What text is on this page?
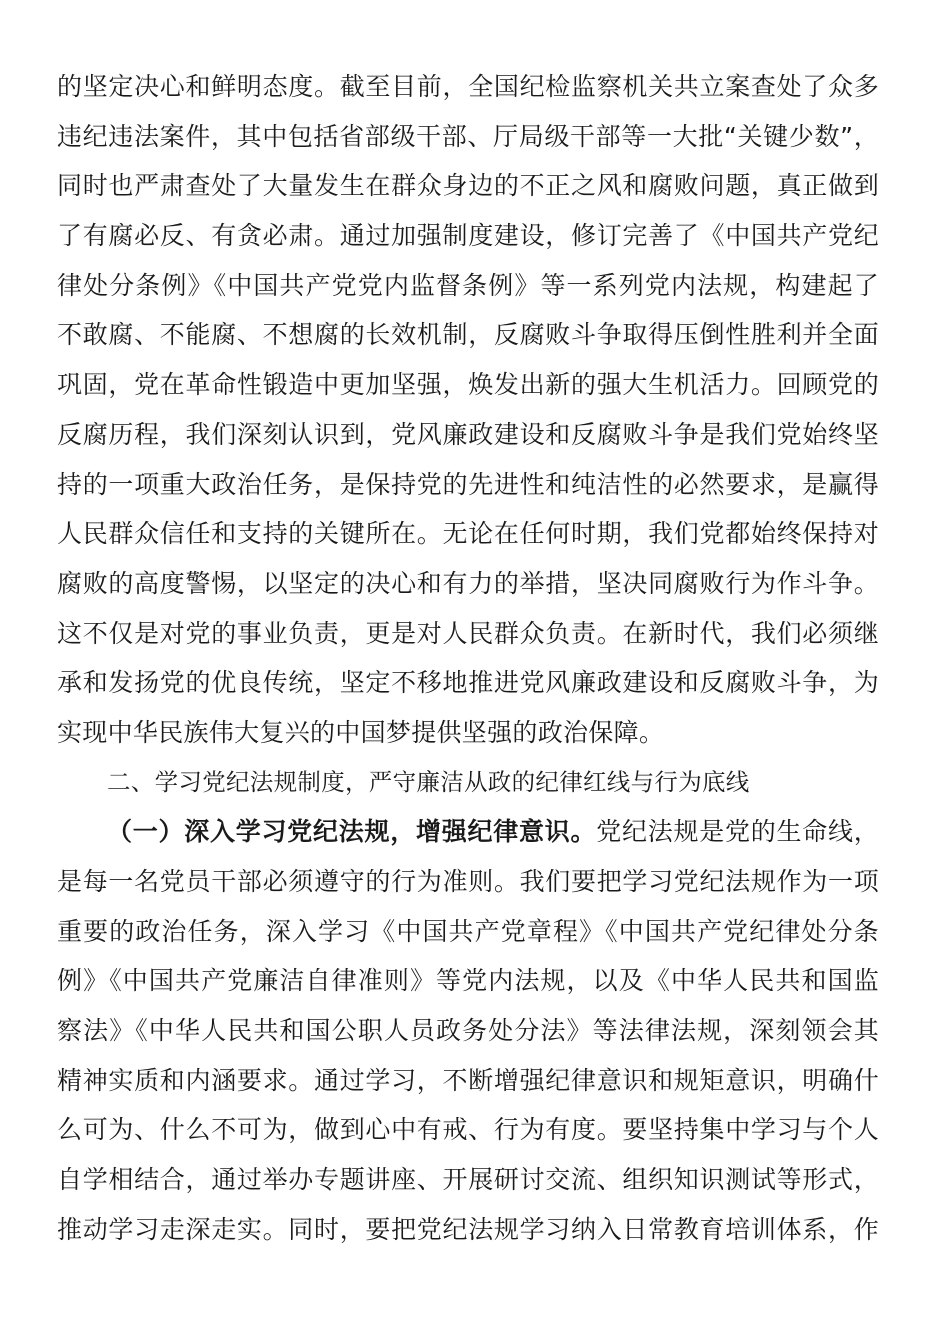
的坚定决心和鲜明态度。截至目前，全国纪检监察机关共立案查处了众多
违纪违法案件，其中包括省部级干部、厅局级干部等一大批“关键少数”，
同时也严肃查处了大量发生在群众身边的不正之风和腐败问题，真正做到
了有腐必反、有贪必肃。通过加强制度建设，修订完善了《中国共产党纪
律处分条例》《中国共产党党内监督条例》等一系列党内法规，构建起了
不敢腐、不能腐、不想腐的长效机制，反腐败斗争取得压倒性胜利并全面
巩固，党在革命性锻造中更加坚强，焕发出新的强大生机活力。回顾党的
反腐历程，我们深刻认识到，党风廉政建设和反腐败斗争是我们党始终坚
持的一项重大政治任务，是保持党的先进性和纯洁性的必然要求，是赢得
人民群众信任和支持的关键所在。无论在任何时期，我们党都始终保持对
腐败的高度警惕，以坚定的决心和有力的举措，坚决同腐败行为作斗争。
这不仅是对党的事业负责，更是对人民群众负责。在新时代，我们必须继
承和发扬党的优良传统，坚定不移地推进党风廉政建设和反腐败斗争，为
实现中华民族伟大复兴的中国梦提供坚强的政治保障。
二、学习党纪法规制度，严守廉洁从政的纪律红线与行为底线
（一）深入学习党纪法规，增强纪律意识。党纪法规是党的生命线，
是每一名党员干部必须遵守的行为准则。我们要把学习党纪法规作为一项
重要的政治任务，深入学习《中国共产党章程》《中国共产党纪律处分条
例》《中国共产党廉洁自律准则》等党内法规，以及《中华人民共和国监
察法》《中华人民共和国公职人员政务处分法》等法律法规，深刻领会其
精神实质和内涵要求。通过学习，不断增强纪律意识和规矩意识，明确什
么可为、什么不可为，做到心中有戒、行为有度。要坚持集中学习与个人
自学相结合，通过举办专题讲座、开展研讨交流、组织知识测试等形式，
推动学习走深走实。同时，要把党纪法规学习纳入日常教育培训体系，作
